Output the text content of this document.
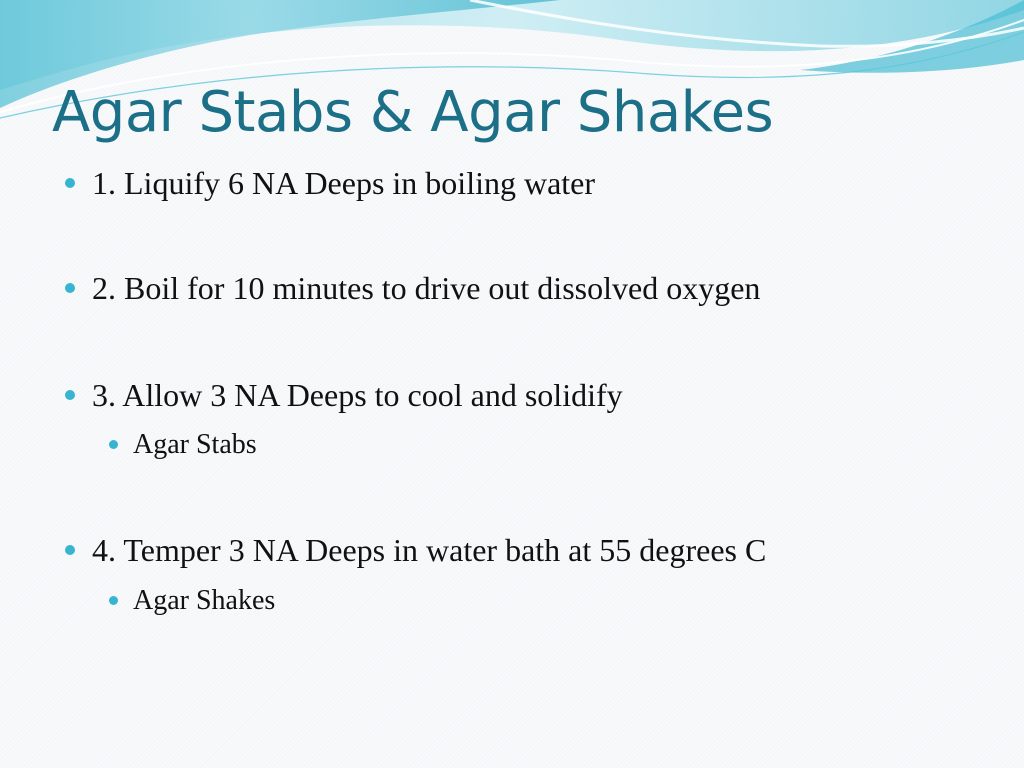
Agar Stabs & Agar Shakes
1. Liquify 6 NA Deeps in boiling water
2. Boil for 10 minutes to drive out dissolved oxygen
3. Allow 3 NA Deeps to cool and solidify
Agar Stabs
4. Temper 3 NA Deeps in water bath at 55 degrees C
Agar Shakes
